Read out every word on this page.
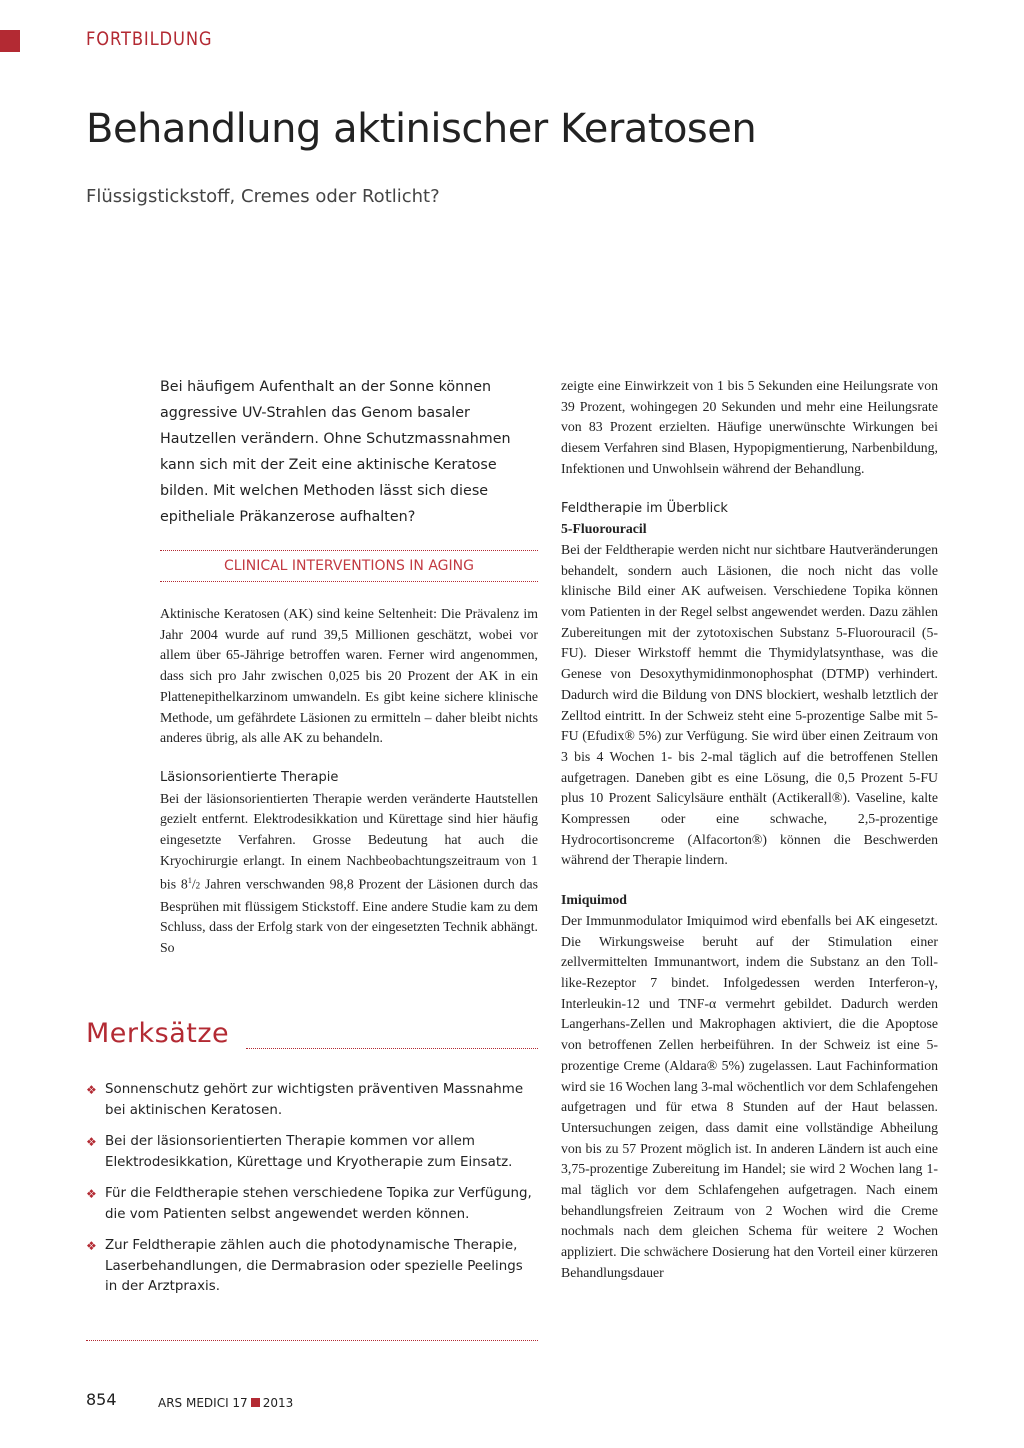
FORTBILDUNG
Behandlung aktinischer Keratosen
Flüssigstickstoff, Cremes oder Rotlicht?
Bei häufigem Aufenthalt an der Sonne können aggressive UV-Strahlen das Genom basaler Hautzellen verändern. Ohne Schutzmassnahmen kann sich mit der Zeit eine aktinische Keratose bilden. Mit welchen Methoden lässt sich diese epitheliale Präkanzerose aufhalten?
CLINICAL INTERVENTIONS IN AGING

Aktinische Keratosen (AK) sind keine Seltenheit: Die Prävalenz im Jahr 2004 wurde auf rund 39,5 Millionen geschätzt, wobei vor allem über 65-Jährige betroffen waren. Ferner wird angenommen, dass sich pro Jahr zwischen 0,025 bis 20 Prozent der AK in ein Plattenepithelkarzinom umwandeln. Es gibt keine sichere klinische Methode, um gefährdete Läsionen zu ermitteln – daher bleibt nichts anderes übrig, als alle AK zu behandeln.

Läsionsorientierte Therapie

Bei der läsionsorientierten Therapie werden veränderte Hautstellen gezielt entfernt. Elektrodesikkation und Kürettage sind hier häufig eingesetzte Verfahren. Grosse Bedeutung hat auch die Kryochirurgie erlangt. In einem Nachbeobachtungszeitraum von 1 bis $8^1/2$ Jahren verschwanden 98,8 Prozent der Läsionen durch das Besprühen mit flüssigem Stickstoff. Eine andere Studie kam zu dem Schluss, dass der Erfolg stark von der eingesetzten Technik abhängt. So

zeigte eine Einwirkzeit von 1 bis 5 Sekunden eine Heilungsrate von 39 Prozent, wohingegen 20 Sekunden und mehr eine Heilungsrate von 83 Prozent erzielten. Häufige unerwünschte Wirkungen bei diesem Verfahren sind Blasen, Hypopigmentierung, Narbenbildung, Infektionen und Unwohlsein während der Behandlung.

Feldtherapie im Überblick

5-Fluorouracil

Bei der Feldtherapie werden nicht nur sichtbare Hautveränderungen behandelt, sondern auch Läsionen, die noch nicht das volle klinische Bild einer AK aufweisen. Verschiedene Topika können vom Patienten in der Regel selbst angewendet werden. Dazu zählen Zubereitungen mit der zytotoxischen Substanz 5-Fluorouracil (5-FU). Dieser Wirkstoff hemmt die Thymidylatsynthase, was die Genese von Desoxythymidinmonophosphat (DTMP) verhindert. Dadurch wird die Bildung von DNS blockiert, weshalb letztlich der Zelltod eintritt. In der Schweiz steht eine 5-prozentige Salbe mit 5-FU (Efudix® 5%) zur Verfügung. Sie wird über einen Zeitraum von 3 bis 4 Wochen 1- bis 2-mal täglich auf die betroffenen Stellen aufgetragen. Daneben gibt es eine Lösung, die 0,5 Prozent 5-FU plus 10 Prozent Salicylsäure enthält (Actikerall®). Vaseline, kalte Kompressen oder eine schwache, 2,5-prozentige Hydrocortisoncreme (Alfacorton®) können die Beschwerden während der Therapie lindern.

Imiquimod

Der Immunmodulator Imiquimod wird ebenfalls bei AK eingesetzt. Die Wirkungsweise beruht auf der Stimulation einer zellvermittelten Immunantwort, indem die Substanz an den Toll-like-Rezeptor 7 bindet. Infolgedessen werden Interferon-γ, Interleukin-12 und TNF-α vermehrt gebildet. Dadurch werden Langerhans-Zellen und Makrophagen aktiviert, die die Apoptose von betroffenen Zellen herbeiführen. In der Schweiz ist eine 5-prozentige Creme (Aldara® 5%) zugelassen. Laut Fachinformation wird sie 16 Wochen lang 3-mal wöchentlich vor dem Schlafengehen aufgetragen und für etwa 8 Stunden auf der Haut belassen. Untersuchungen zeigen, dass damit eine vollständige Abheilung von bis zu 57 Prozent möglich ist. In anderen Ländern ist auch eine 3,75-prozentige Zubereitung im Handel; sie wird 2 Wochen lang 1-mal täglich vor dem Schlafengehen aufgetragen. Nach einem behandlungsfreien Zeitraum von 2 Wochen wird die Creme nochmals nach dem gleichen Schema für weitere 2 Wochen appliziert. Die schwächere Dosierung hat den Vorteil einer kürzeren Behandlungsdauer

Merksätze
❖ Sonnenschutz gehört zur wichtigsten präventiven Massnahme bei aktinischen Keratosen.
❖ Bei der läsionsorientierten Therapie kommen vor allem Elektrodesikkation, Kürettage und Kryotherapie zum Einsatz.
❖ Für die Feldtherapie stehen verschiedene Topika zur Verfügung, die vom Patienten selbst angewendet werden können.
❖ Zur Feldtherapie zählen auch die photodynamische Therapie, Laserbehandlungen, die Dermabrasion oder spezielle Peelings in der Arztpraxis.
854	ARS MEDICI 17 2013
